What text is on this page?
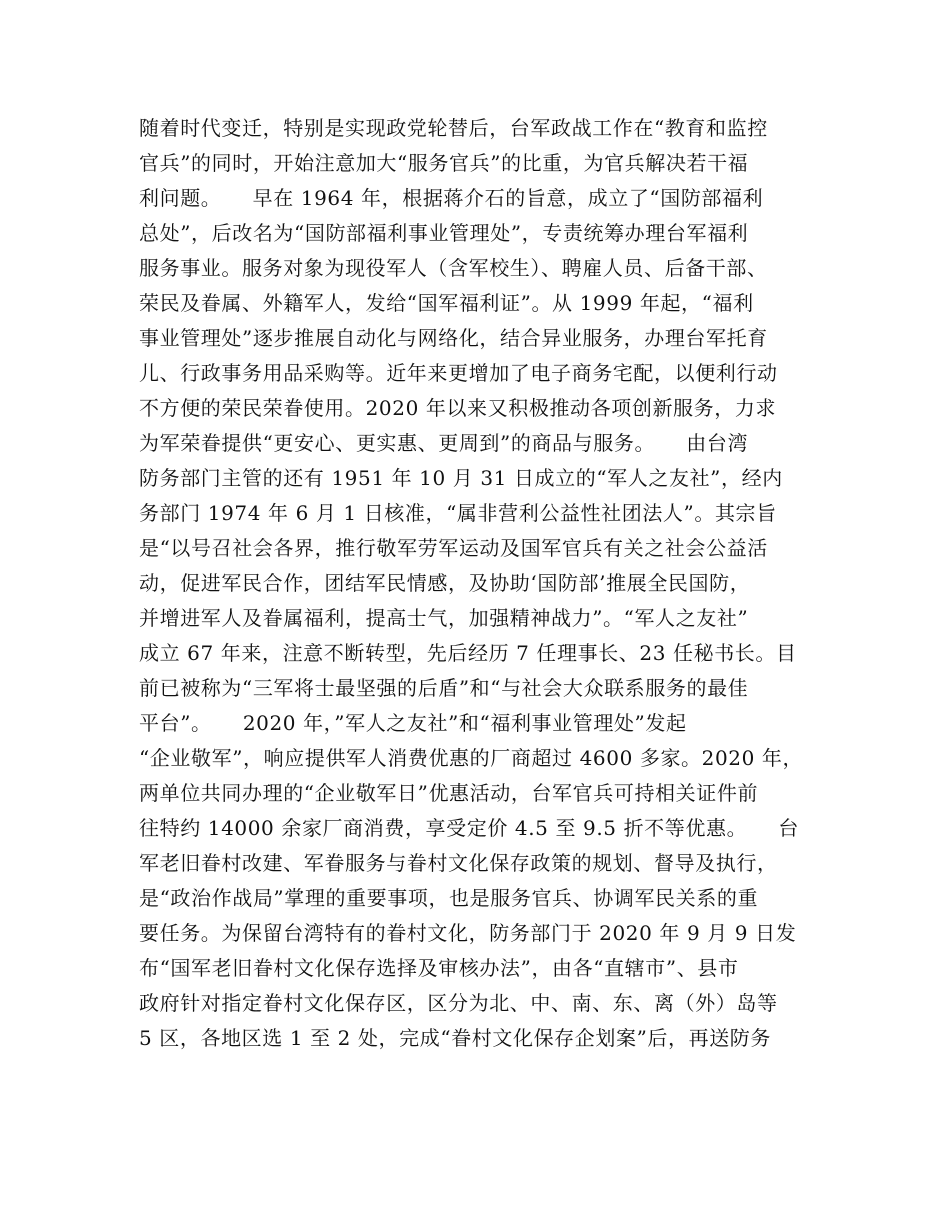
随着时代变迁，特别是实现政党轮替后，台军政战工作在“教育和监控
官兵”的同时，开始注意加大“服务官兵”的比重，为官兵解决若干福
利问题。　　早在 1964 年，根据蒋介石的旨意，成立了“国防部福利
总处”，后改名为“国防部福利事业管理处”，专责统筹办理台军福利
服务事业。服务对象为现役军人（含军校生）、聘雇人员、后备干部、
荣民及眷属、外籍军人，发给“国军福利证”。从 1999 年起，“福利
事业管理处”逐步推展自动化与网络化，结合异业服务，办理台军托育
儿、行政事务用品采购等。近年来更增加了电子商务宅配，以便利行动
不方便的荣民荣眷使用。2020 年以来又积极推动各项创新服务，力求
为军荣眷提供“更安心、更实惠、更周到”的商品与服务。　　由台湾
防务部门主管的还有 1951 年 10 月 31 日成立的“军人之友社”，经内
务部门 1974 年 6 月 1 日核准，“属非营利公益性社团法人”。其宗旨
是“以号召社会各界，推行敬军劳军运动及国军官兵有关之社会公益活
动，促进军民合作，团结军民情感，及协助‘国防部’推展全民国防，
并增进军人及眷属福利，提高士气，加强精神战力”。“军人之友社”
成立 67 年来，注意不断转型，先后经历 7 任理事长、23 任秘书长。目
前已被称为“三军将士最坚强的后盾”和“与社会大众联系服务的最佳
平台”。　　2020 年，”军人之友社”和“福利事业管理处”发起
“企业敬军”，响应提供军人消费优惠的厂商超过 4600 多家。2020 年，
两单位共同办理的“企业敬军日”优惠活动，台军官兵可持相关证件前
往特约 14000 余家厂商消费，享受定价 4.5 至 9.5 折不等优惠。　　台
军老旧眷村改建、军眷服务与眷村文化保存政策的规划、督导及执行，
是“政治作战局”掌理的重要事项，也是服务官兵、协调军民关系的重
要任务。为保留台湾特有的眷村文化，防务部门于 2020 年 9 月 9 日发
布“国军老旧眷村文化保存选择及审核办法”，由各“直辖市”、县市
政府针对指定眷村文化保存区，区分为北、中、南、东、离（外）岛等
5 区，各地区选 1 至 2 处，完成“眷村文化保存企划案”后，再送防务
